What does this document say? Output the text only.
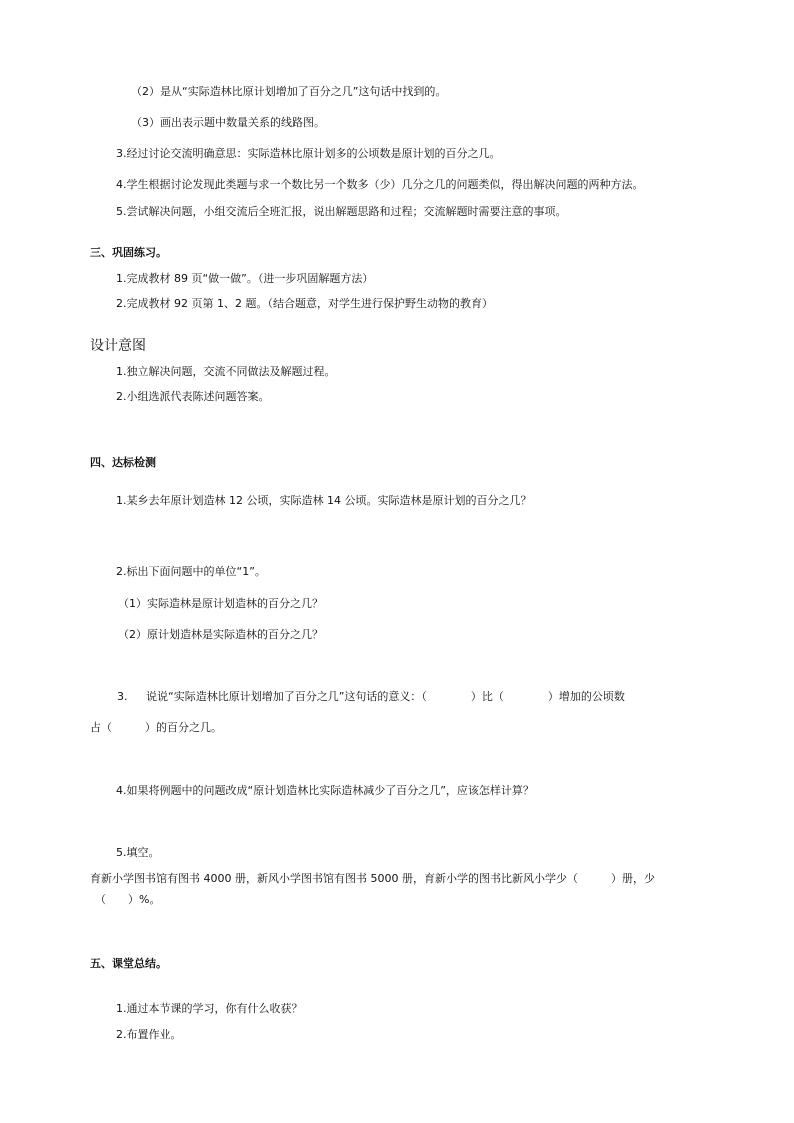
（2）是从“实际造林比原计划增加了百分之几”这句话中找到的。
（3）画出表示题中数量关系的线路图。
3.经过讨论交流明确意思：实际造林比原计划多的公顷数是原计划的百分之几。
4.学生根据讨论发现此类题与求一个数比另一个数多（少）几分之几的问题类似，得出解决问题的两种方法。
5.尝试解决问题，小组交流后全班汇报，说出解题思路和过程；交流解题时需要注意的事项。
三、巩固练习。
1.完成教材 89 页“做一做”。（进一步巩固解题方法）
2.完成教材 92 页第 1、2 题。（结合题意，对学生进行保护野生动物的教育）
设计意图
1.独立解决问题，交流不同做法及解题过程。
2.小组选派代表陈述问题答案。
四、达标检测
1.某乡去年原计划造林 12 公顷，实际造林 14 公顷。实际造林是原计划的百分之几？
2.标出下面问题中的单位“1”。
（1）实际造林是原计划造林的百分之几？
（2）原计划造林是实际造林的百分之几？
3. 说说“实际造林比原计划增加了百分之几”这句话的意义：（　　　　）比（　　　　）增加的公顷数
占（　　　）的百分之几。
4.如果将例题中的问题改成“原计划造林比实际造林减少了百分之几”，应该怎样计算？
5.填空。
育新小学图书馆有图书 4000 册，新风小学图书馆有图书 5000 册，育新小学的图书比新风小学少（　　　）册，少
（　　）%。
五、课堂总结。
1.通过本节课的学习，你有什么收获？
2.布置作业。
